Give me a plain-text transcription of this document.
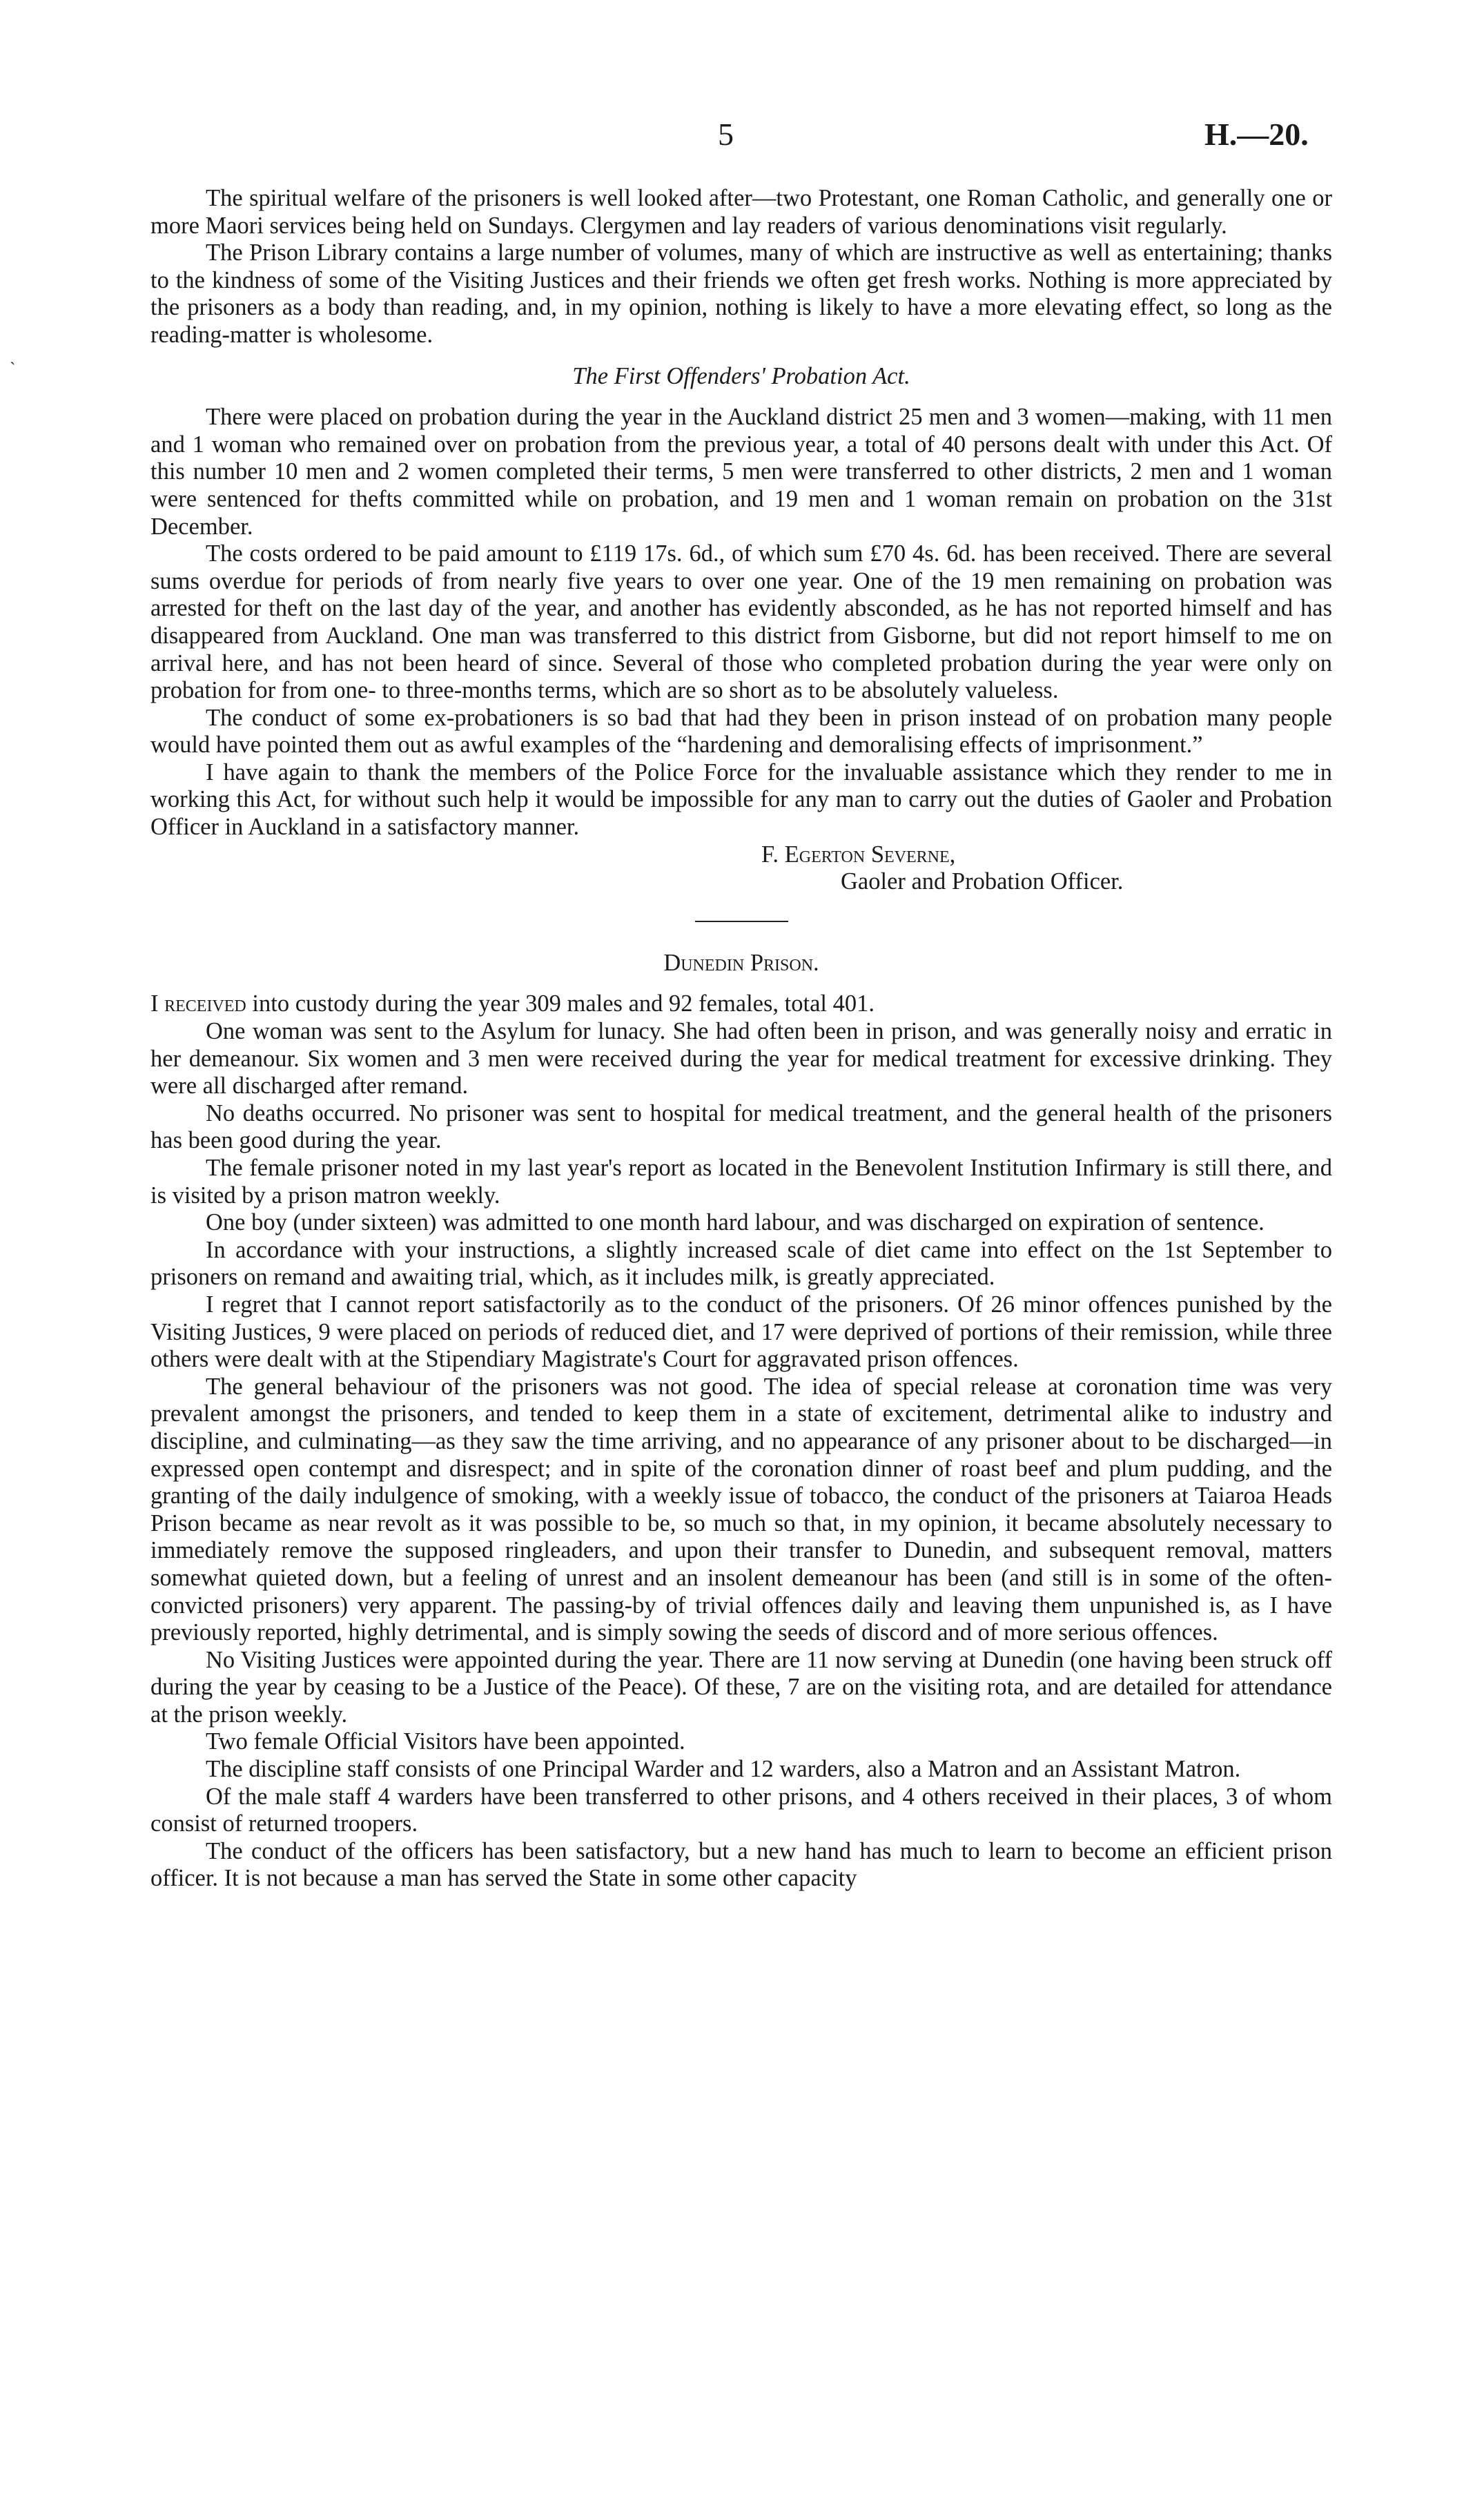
5	H.—20.
`

The spiritual welfare of the prisoners is well looked after—two Protestant, one Roman Catholic, and generally one or more Maori services being held on Sundays. Clergymen and lay readers of various denominations visit regularly.

The Prison Library contains a large number of volumes, many of which are instructive as well as entertaining; thanks to the kindness of some of the Visiting Justices and their friends we often get fresh works. Nothing is more appreciated by the prisoners as a body than reading, and, in my opinion, nothing is likely to have a more elevating effect, so long as the reading-matter is wholesome.

The First Offenders' Probation Act.

There were placed on probation during the year in the Auckland district 25 men and 3 women—making, with 11 men and 1 woman who remained over on probation from the previous year, a total of 40 persons dealt with under this Act. Of this number 10 men and 2 women completed their terms, 5 men were transferred to other districts, 2 men and 1 woman were sentenced for thefts committed while on probation, and 19 men and 1 woman remain on probation on the 31st December.

The costs ordered to be paid amount to £119 17s. 6d., of which sum £70 4s. 6d. has been received. There are several sums overdue for periods of from nearly five years to over one year. One of the 19 men remaining on probation was arrested for theft on the last day of the year, and another has evidently absconded, as he has not reported himself and has disappeared from Auckland. One man was transferred to this district from Gisborne, but did not report himself to me on arrival here, and has not been heard of since. Several of those who completed probation during the year were only on probation for from one- to three-months terms, which are so short as to be absolutely valueless.

The conduct of some ex-probationers is so bad that had they been in prison instead of on probation many people would have pointed them out as awful examples of the “hardening and demoralising effects of imprisonment.”

I have again to thank the members of the Police Force for the invaluable assistance which they render to me in working this Act, for without such help it would be impossible for any man to carry out the duties of Gaoler and Probation Officer in Auckland in a satisfactory manner.

F. Egerton Severne,
Gaoler and Probation Officer.
Dunedin Prison.

I received into custody during the year 309 males and 92 females, total 401.

One woman was sent to the Asylum for lunacy. She had often been in prison, and was generally noisy and erratic in her demeanour. Six women and 3 men were received during the year for medical treatment for excessive drinking. They were all discharged after remand.

No deaths occurred. No prisoner was sent to hospital for medical treatment, and the general health of the prisoners has been good during the year.

The female prisoner noted in my last year's report as located in the Benevolent Institution Infirmary is still there, and is visited by a prison matron weekly.

One boy (under sixteen) was admitted to one month hard labour, and was discharged on expiration of sentence.

In accordance with your instructions, a slightly increased scale of diet came into effect on the 1st September to prisoners on remand and awaiting trial, which, as it includes milk, is greatly appreciated.

I regret that I cannot report satisfactorily as to the conduct of the prisoners. Of 26 minor offences punished by the Visiting Justices, 9 were placed on periods of reduced diet, and 17 were deprived of portions of their remission, while three others were dealt with at the Stipendiary Magistrate's Court for aggravated prison offences.

The general behaviour of the prisoners was not good. The idea of special release at coronation time was very prevalent amongst the prisoners, and tended to keep them in a state of excitement, detrimental alike to industry and discipline, and culminating—as they saw the time arriving, and no appearance of any prisoner about to be discharged—in expressed open contempt and disrespect; and in spite of the coronation dinner of roast beef and plum pudding, and the granting of the daily indulgence of smoking, with a weekly issue of tobacco, the conduct of the prisoners at Taiaroa Heads Prison became as near revolt as it was possible to be, so much so that, in my opinion, it became absolutely necessary to immediately remove the supposed ringleaders, and upon their transfer to Dunedin, and subsequent removal, matters somewhat quieted down, but a feeling of unrest and an insolent demeanour has been (and still is in some of the often-convicted prisoners) very apparent. The passing-by of trivial offences daily and leaving them unpunished is, as I have previously reported, highly detrimental, and is simply sowing the seeds of discord and of more serious offences.

No Visiting Justices were appointed during the year. There are 11 now serving at Dunedin (one having been struck off during the year by ceasing to be a Justice of the Peace). Of these, 7 are on the visiting rota, and are detailed for attendance at the prison weekly.

Two female Official Visitors have been appointed.

The discipline staff consists of one Principal Warder and 12 warders, also a Matron and an Assistant Matron.

Of the male staff 4 warders have been transferred to other prisons, and 4 others received in their places, 3 of whom consist of returned troopers.

The conduct of the officers has been satisfactory, but a new hand has much to learn to become an efficient prison officer. It is not because a man has served the State in some other capacity
